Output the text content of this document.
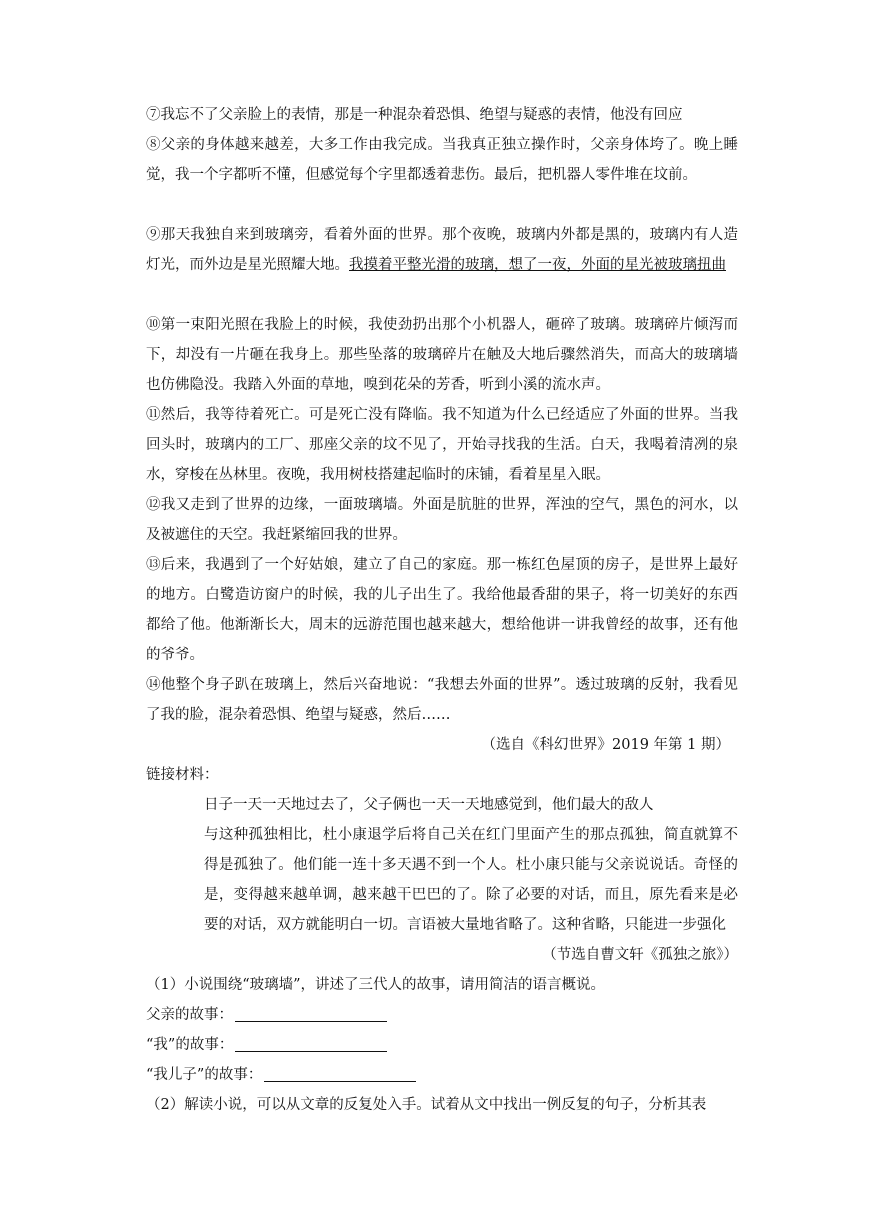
⑦我忘不了父亲脸上的表情，那是一种混杂着恐惧、绝望与疑惑的表情，他没有回应
⑧父亲的身体越来越差，大多工作由我完成。当我真正独立操作时，父亲身体垮了。晚上睡觉，我一个字都听不懂，但感觉每个字里都透着悲伤。最后，把机器人零件堆在坟前。
⑨那天我独自来到玻璃旁，看着外面的世界。那个夜晚，玻璃内外都是黑的，玻璃内有人造灯光，而外边是星光照耀大地。我摸着平整光滑的玻璃，想了一夜，外面的星光被玻璃扭曲
⑩第一束阳光照在我脸上的时候，我使劲扔出那个小机器人，砸碎了玻璃。玻璃碎片倾泻而下，却没有一片砸在我身上。那些坠落的玻璃碎片在触及大地后骤然消失，而高大的玻璃墙也仿佛隐没。我踏入外面的草地，嗅到花朵的芳香，听到小溪的流水声。
⑪然后，我等待着死亡。可是死亡没有降临。我不知道为什么已经适应了外面的世界。当我回头时，玻璃内的工厂、那座父亲的坟不见了，开始寻找我的生活。白天，我喝着清冽的泉水，穿梭在丛林里。夜晚，我用树枝搭建起临时的床铺，看着星星入眠。
⑫我又走到了世界的边缘，一面玻璃墙。外面是肮脏的世界，浑浊的空气，黑色的河水，以及被遮住的天空。我赶紧缩回我的世界。
⑬后来，我遇到了一个好姑娘，建立了自己的家庭。那一栋红色屋顶的房子，是世界上最好的地方。白鹭造访窗户的时候，我的儿子出生了。我给他最香甜的果子，将一切美好的东西都给了他。他渐渐长大，周末的远游范围也越来越大，想给他讲一讲我曾经的故事，还有他的爷爷。
⑭他整个身子趴在玻璃上，然后兴奋地说：“我想去外面的世界”。透过玻璃的反射，我看见了我的脸，混杂着恐惧、绝望与疑惑，然后……
（选自《科幻世界》2019 年第 1 期）
链接材料：
日子一天一天地过去了，父子俩也一天一天地感觉到，他们最大的敌人
与这种孤独相比，杜小康退学后将自己关在红门里面产生的那点孤独，简直就算不得是孤独了。他们能一连十多天遇不到一个人。杜小康只能与父亲说说话。奇怪的是，变得越来越单调，越来越干巴巴的了。除了必要的对话，而且，原先看来是必要的对话，双方就能明白一切。言语被大量地省略了。这种省略，只能进一步强化
（节选自曹文轩《孤独之旅》）
（1）小说围绕“玻璃墙”，讲述了三代人的故事，请用简洁的语言概说。
父亲的故事：
“我”的故事：
“我儿子”的故事：
（2）解读小说，可以从文章的反复处入手。试着从文中找出一例反复的句子，分析其表
